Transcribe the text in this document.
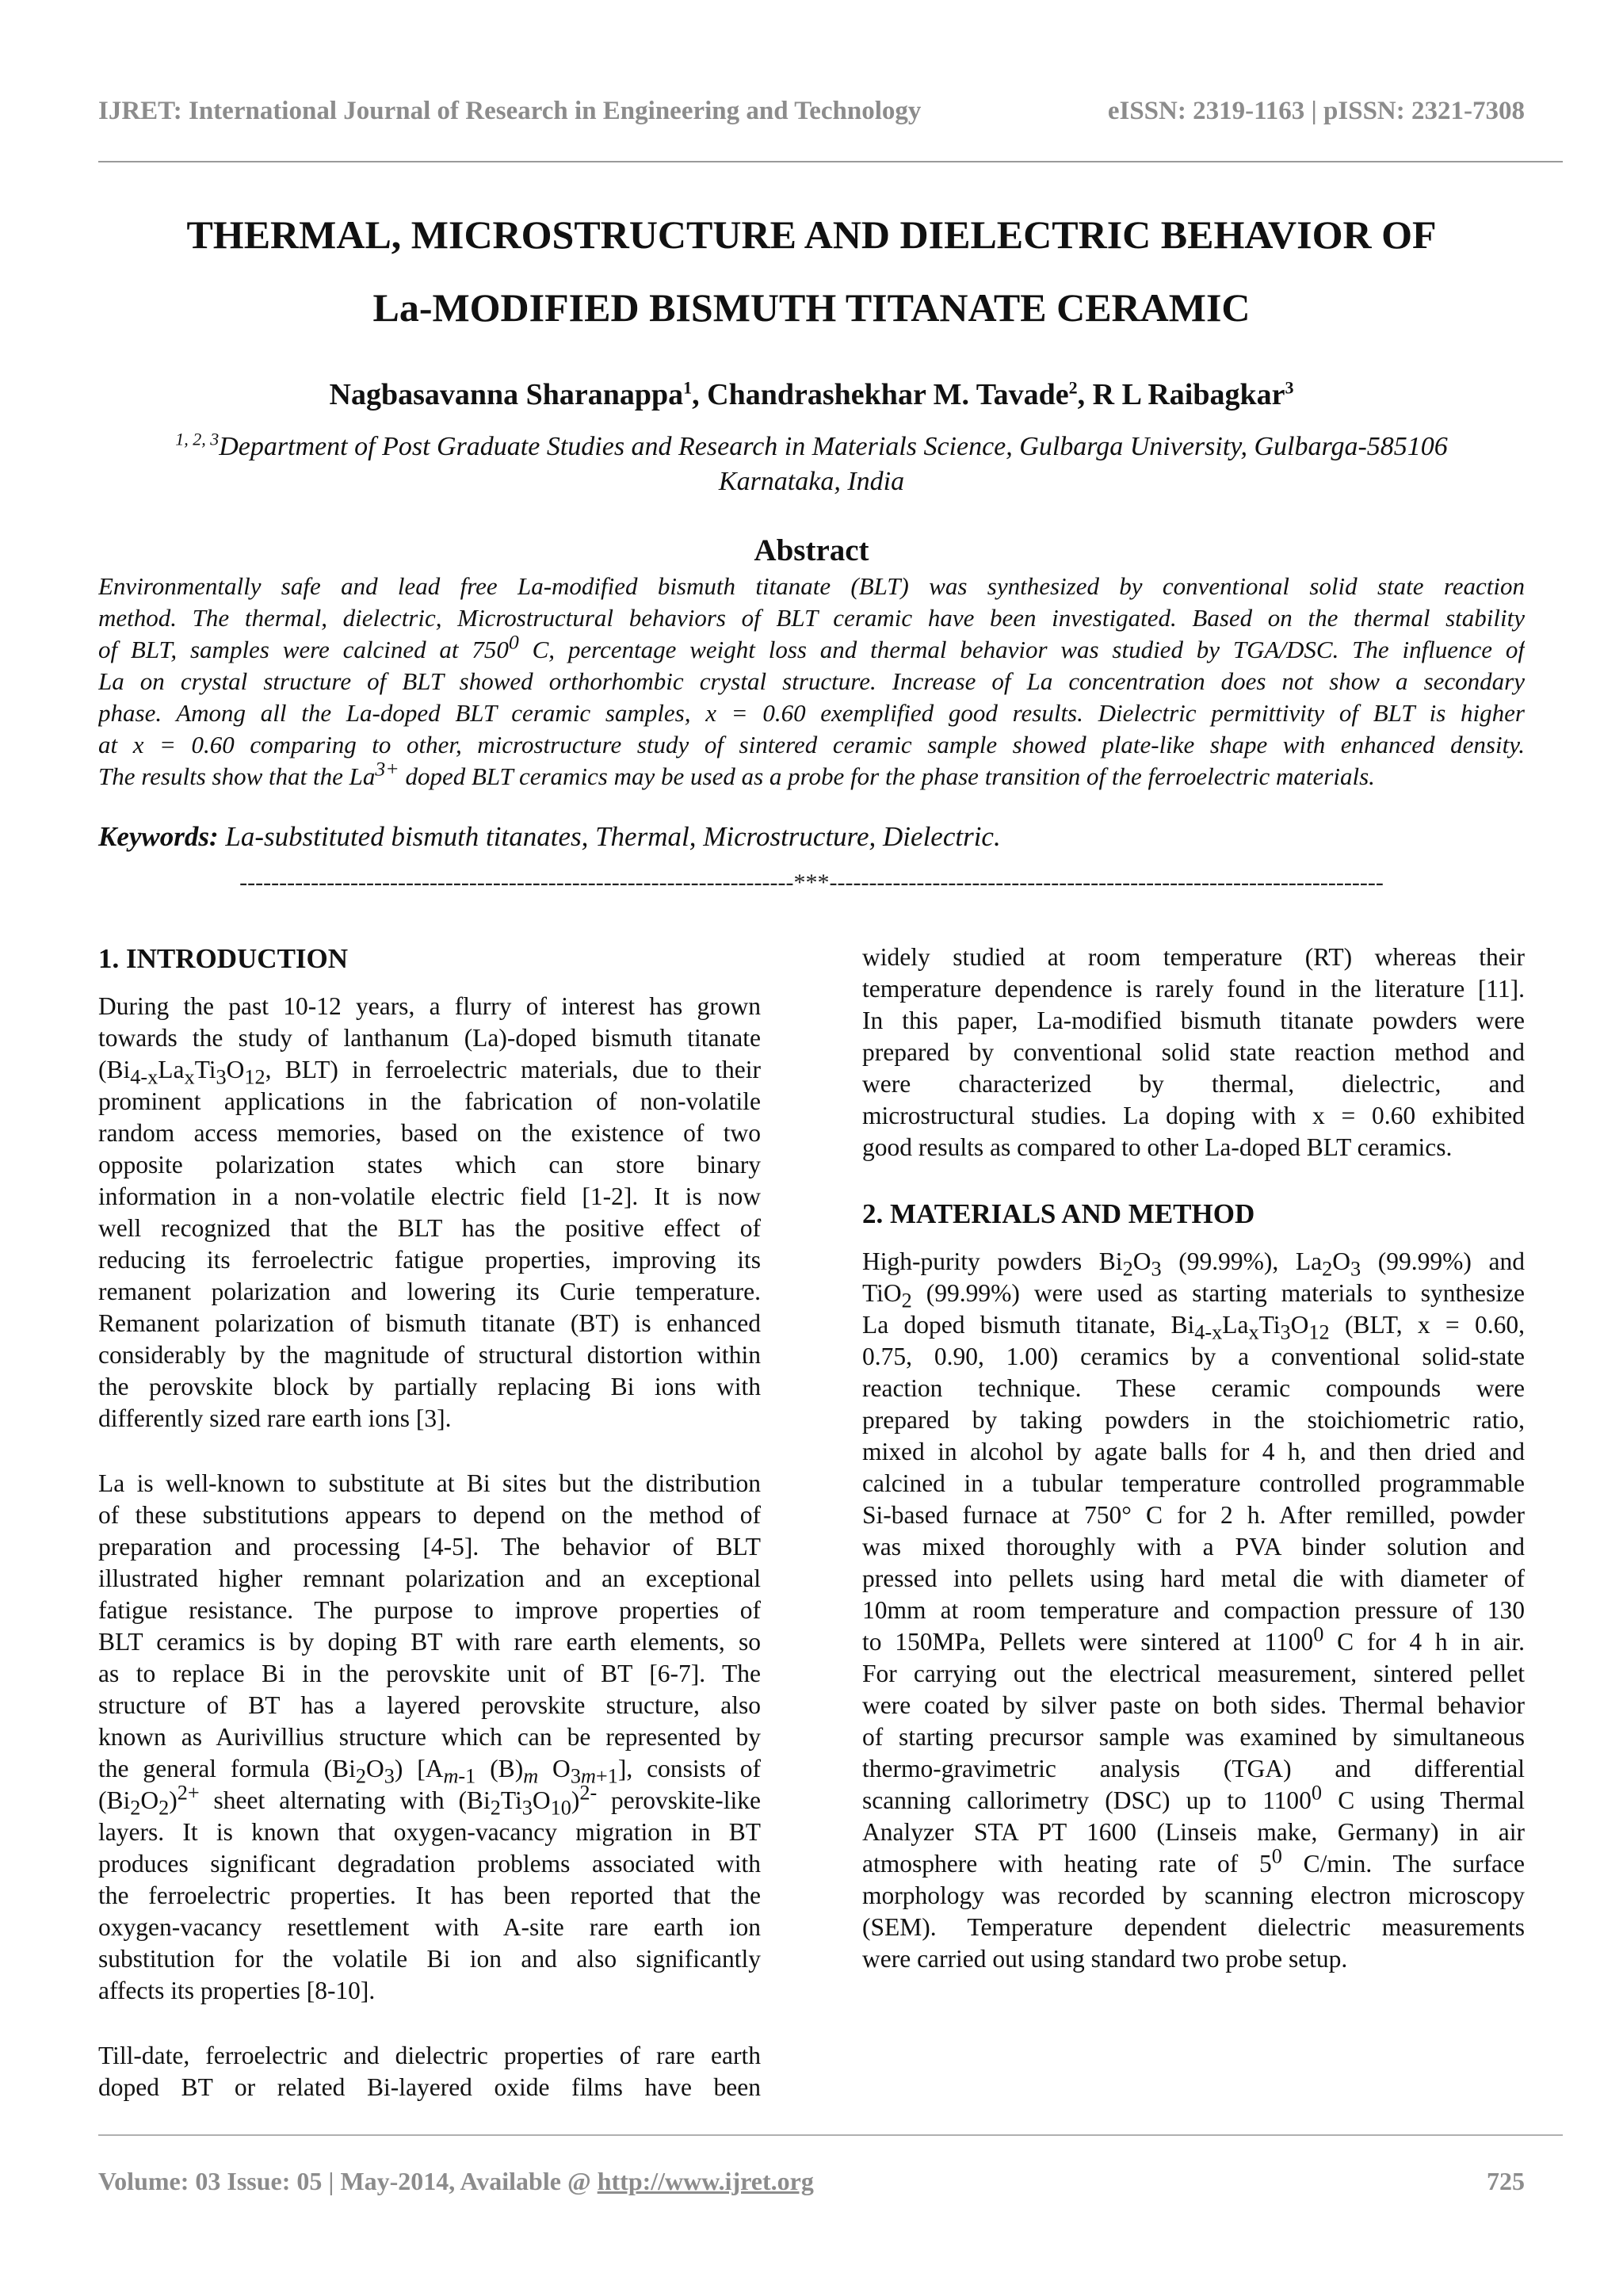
IJRET: International Journal of Research in Engineering and Technology	eISSN: 2319-1163 | pISSN: 2321-7308
THERMAL, MICROSTRUCTURE AND DIELECTRIC BEHAVIOR OF
La-MODIFIED BISMUTH TITANATE CERAMIC
Nagbasavanna Sharanappa$^1$, Chandrashekhar M. Tavade$^2$, R L Raibagkar$^3$
$^{1, 2, 3}$Department of Post Graduate Studies and Research in Materials Science, Gulbarga University, Gulbarga-585106
Karnataka, India
Abstract
Environmentally safe and lead free La-modified bismuth titanate (BLT) was synthesized by conventional solid state reaction
method. The thermal, dielectric, Microstructural behaviors of BLT ceramic have been investigated. Based on the thermal stability
of BLT, samples were calcined at $750^0$ C, percentage weight loss and thermal behavior was studied by TGA/DSC. The influence of
La on crystal structure of BLT showed orthorhombic crystal structure. Increase of La concentration does not show a secondary
phase. Among all the La-doped BLT ceramic samples, x = 0.60 exemplified good results. Dielectric permittivity of BLT is higher
at x = 0.60 comparing to other, microstructure study of sintered ceramic sample showed plate-like shape with enhanced density.
The results show that the $La^{3+}$ doped BLT ceramics may be used as a probe for the phase transition of the ferroelectric materials.
Keywords: La-substituted bismuth titanates, Thermal, Microstructure, Dielectric.
----------------------------------------------------------------------***----------------------------------------------------------------------
1. INTRODUCTION
During the past 10-12 years, a flurry of interest has grown
towards the study of lanthanum (La)-doped bismuth titanate
($Bi_{4-x}La_xTi_3O_{12}$, BLT) in ferroelectric materials, due to their
prominent applications in the fabrication of non-volatile
random access memories, based on the existence of two
opposite polarization states which can store binary
information in a non-volatile electric field [1-2]. It is now
well recognized that the BLT has the positive effect of
reducing its ferroelectric fatigue properties, improving its
remanent polarization and lowering its Curie temperature.
Remanent polarization of bismuth titanate (BT) is enhanced
considerably by the magnitude of structural distortion within
the perovskite block by partially replacing Bi ions with
differently sized rare earth ions [3].
La is well-known to substitute at Bi sites but the distribution
of these substitutions appears to depend on the method of
preparation and processing [4-5]. The behavior of BLT
illustrated higher remnant polarization and an exceptional
fatigue resistance. The purpose to improve properties of
BLT ceramics is by doping BT with rare earth elements, so
as to replace Bi in the perovskite unit of BT [6-7]. The
structure of BT has a layered perovskite structure, also
known as Aurivillius structure which can be represented by
the general formula $(Bi_2O_3)$ [$A_{m-1}$ $(B)_m$ $O_{3m+1}$], consists of
$(Bi_2O_2)^{2+}$ sheet alternating with $(Bi_2Ti_3O_{10})^{2-}$ perovskite-like
layers. It is known that oxygen-vacancy migration in BT
produces significant degradation problems associated with
the ferroelectric properties. It has been reported that the
oxygen-vacancy resettlement with A-site rare earth ion
substitution for the volatile Bi ion and also significantly
affects its properties [8-10].
Till-date, ferroelectric and dielectric properties of rare earth
doped BT or related Bi-layered oxide films have been
widely studied at room temperature (RT) whereas their
temperature dependence is rarely found in the literature [11].
In this paper, La-modified bismuth titanate powders were
prepared by conventional solid state reaction method and
were characterized by thermal, dielectric, and
microstructural studies. La doping with x = 0.60 exhibited
good results as compared to other La-doped BLT ceramics.
2. MATERIALS AND METHOD
High-purity powders $Bi_2O_3$ (99.99%), $La_2O_3$ (99.99%) and
TiO$_2$ (99.99%) were used as starting materials to synthesize
La doped bismuth titanate, $Bi_{4-x}La_xTi_3O_{12}$ (BLT, x = 0.60,
0.75, 0.90, 1.00) ceramics by a conventional solid-state
reaction technique. These ceramic compounds were
prepared by taking powders in the stoichiometric ratio,
mixed in alcohol by agate balls for 4 h, and then dried and
calcined in a tubular temperature controlled programmable
Si-based furnace at 750° C for 2 h. After remilled, powder
was mixed thoroughly with a PVA binder solution and
pressed into pellets using hard metal die with diameter of
10mm at room temperature and compaction pressure of 130
to 150MPa, Pellets were sintered at 1100$^0$ C for 4 h in air.
For carrying out the electrical measurement, sintered pellet
were coated by silver paste on both sides. Thermal behavior
of starting precursor sample was examined by simultaneous
thermo-gravimetric analysis (TGA) and differential
scanning callorimetry (DSC) up to 1100$^0$ C using Thermal
Analyzer STA PT 1600 (Linseis make, Germany) in air
atmosphere with heating rate of $5^0$ C/min. The surface
morphology was recorded by scanning electron microscopy
(SEM). Temperature dependent dielectric measurements
were carried out using standard two probe setup.
Volume: 03 Issue: 05 | May-2014, Available @ http://www.ijret.org	725
